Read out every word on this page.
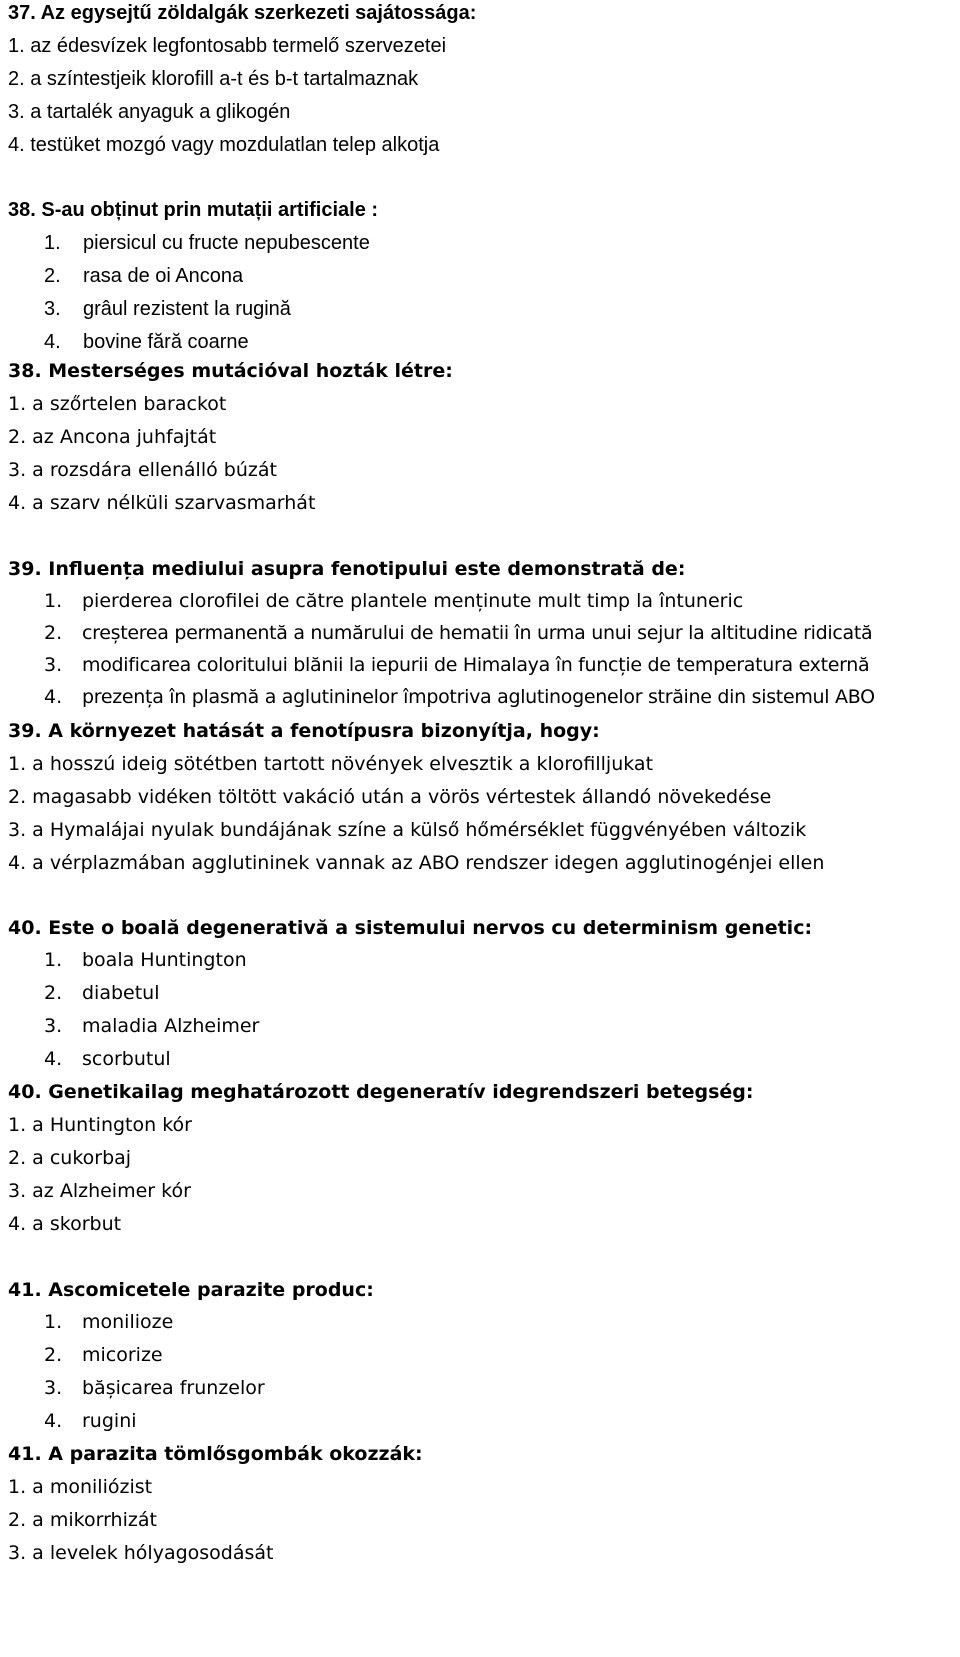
37. Az egysejtű zöldalgák szerkezeti sajátossága:
1. az édesvízek legfontosabb termelő szervezetei
2. a színtestjeik klorofill a-t és b-t tartalmaznak
3. a tartalék anyaguk a glikogén
4. testüket mozgó vagy mozdulatlan telep alkotja
38. S-au obținut prin mutații artificiale :
1. piersicul cu fructe nepubescente
2. rasa de oi Ancona
3. grâul rezistent la rugină
4. bovine fără coarne
38. Mesterséges mutációval hozták létre:
1. a szőrtelen barackot
2. az Ancona juhfajtát
3. a rozsdára ellenálló búzát
4. a szarv nélküli szarvasmarhát
39. Influența mediului asupra fenotipului este demonstrată de:
1. pierderea clorofilei de către plantele menținute mult timp la întuneric
2. creșterea permanentă a numărului de hematii în urma unui sejur la altitudine ridicată
3. modificarea coloritului blănii la iepurii de Himalaya în funcție de temperatura externă
4. prezența în plasmă a aglutininelor împotriva aglutinogenelor străine din sistemul ABO
39. A környezet hatását a fenotípusra bizonyítja, hogy:
1. a hosszú ideig sötétben tartott növények elvesztik a klorofilljukat
2. magasabb vidéken töltött vakáció után a vörös vértestek állandó növekedése
3. a Hymalájai nyulak bundájának színe a külső hőmérséklet függvényében változik
4. a vérplazmában agglutininek vannak az ABO rendszer idegen agglutinogénjei ellen
40. Este o boală degenerativă a sistemului nervos cu determinism genetic:
1. boala Huntington
2. diabetul
3. maladia Alzheimer
4. scorbutul
40. Genetikailag meghatározott degeneratív idegrendszeri betegség:
1. a Huntington kór
2. a cukorbaj
3. az Alzheimer kór
4. a skorbut
41. Ascomicetele parazite produc:
1. monilioze
2. micorize
3. bășicarea frunzelor
4. rugini
41. A parazita tömlősgombák okozzák:
1. a moniliózist
2. a mikorrhizát
3. a levelek hólyagosodását
